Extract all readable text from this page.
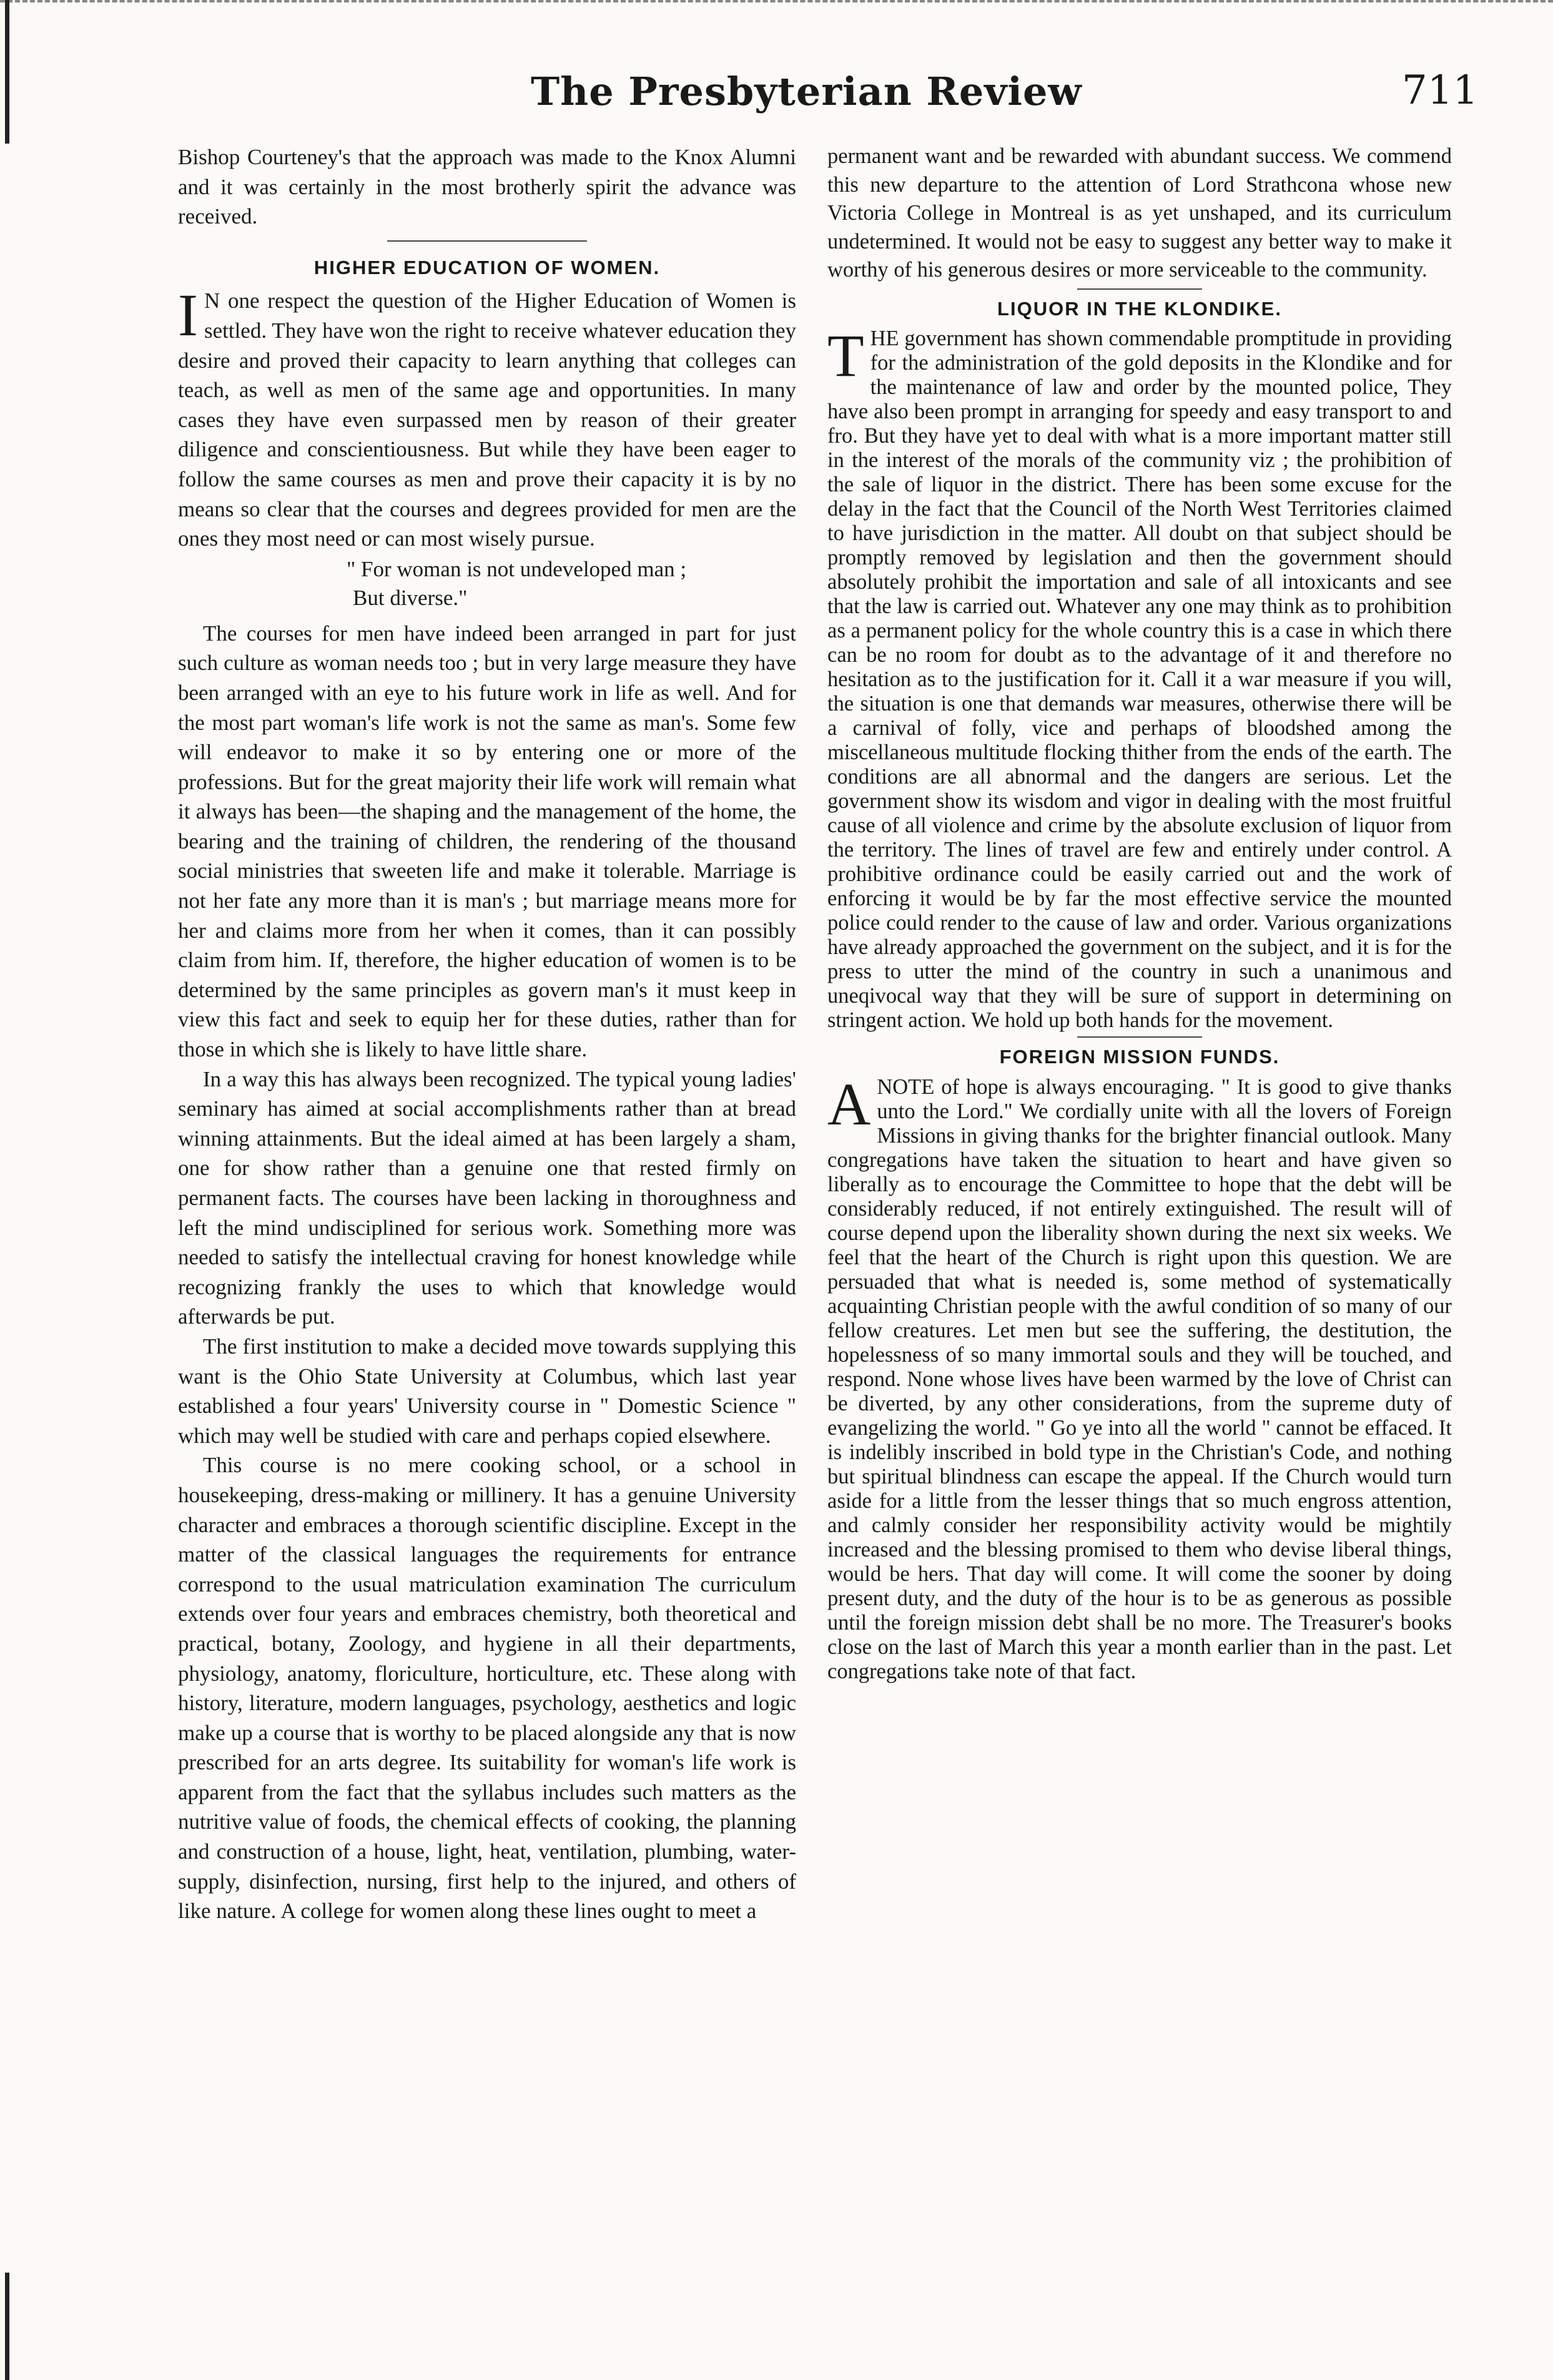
The Presbyterian Review	711

Bishop Courteney's that the approach was made to the Knox Alumni and it was certainly in the most brotherly spirit the advance was received.

HIGHER EDUCATION OF WOMEN.

I N one respect the question of the Higher Education of Women is settled. They have won the right to receive whatever education they desire and proved their capacity to learn anything that colleges can teach, as well as men of the same age and opportunities. In many cases they have even surpassed men by reason of their greater diligence and conscientiousness. But while they have been eager to follow the same courses as men and prove their capacity it is by no means so clear that the courses and degrees provided for men are the ones they most need or can most wisely pursue.

" For woman is not undeveloped man ;
But diverse."

The courses for men have indeed been arranged in part for just such culture as woman needs too ; but in very large measure they have been arranged with an eye to his future work in life as well. And for the most part woman's life work is not the same as man's. Some few will endeavor to make it so by entering one or more of the professions. But for the great majority their life work will remain what it always has been—the shaping and the management of the home, the bearing and the training of children, the rendering of the thousand social ministries that sweeten life and make it tolerable. Marriage is not her fate any more than it is man's ; but marriage means more for her and claims more from her when it comes, than it can possibly claim from him. If, therefore, the higher education of women is to be determined by the same principles as govern man's it must keep in view this fact and seek to equip her for these duties, rather than for those in which she is likely to have little share.

In a way this has always been recognized. The typical young ladies' seminary has aimed at social accomplishments rather than at bread winning attainments. But the ideal aimed at has been largely a sham, one for show rather than a genuine one that rested firmly on permanent facts. The courses have been lacking in thoroughness and left the mind undisciplined for serious work. Something more was needed to satisfy the intellectual craving for honest knowledge while recognizing frankly the uses to which that knowledge would afterwards be put.

The first institution to make a decided move towards supplying this want is the Ohio State University at Columbus, which last year established a four years' University course in " Domestic Science " which may well be studied with care and perhaps copied elsewhere.

This course is no mere cooking school, or a school in housekeeping, dress-making or millinery. It has a genuine University character and embraces a thorough scientific discipline. Except in the matter of the classical languages the requirements for entrance correspond to the usual matriculation examination The curriculum extends over four years and embraces chemistry, both theoretical and practical, botany, Zoology, and hygiene in all their departments, physiology, anatomy, floriculture, horticulture, etc. These along with history, literature, modern languages, psychology, aesthetics and logic make up a course that is worthy to be placed alongside any that is now prescribed for an arts degree. Its suitability for woman's life work is apparent from the fact that the syllabus includes such matters as the nutritive value of foods, the chemical effects of cooking, the planning and construction of a house, light, heat, ventilation, plumbing, water-supply, disinfection, nursing, first help to the injured, and others of like nature. A college for women along these lines ought to meet a

permanent want and be rewarded with abundant success. We commend this new departure to the attention of Lord Strathcona whose new Victoria College in Montreal is as yet unshaped, and its curriculum undetermined. It would not be easy to suggest any better way to make it worthy of his generous desires or more serviceable to the community.

LIQUOR IN THE KLONDIKE.

THE government has shown commendable promptitude in providing for the administration of the gold deposits in the Klondike and for the maintenance of law and order by the mounted police, They have also been prompt in arranging for speedy and easy transport to and fro. But they have yet to deal with what is a more important matter still in the interest of the morals of the community viz ; the prohibition of the sale of liquor in the district. There has been some excuse for the delay in the fact that the Council of the North West Territories claimed to have jurisdiction in the matter. All doubt on that subject should be promptly removed by legislation and then the government should absolutely prohibit the importation and sale of all intoxicants and see that the law is carried out. Whatever any one may think as to prohibition as a permanent policy for the whole country this is a case in which there can be no room for doubt as to the advantage of it and therefore no hesitation as to the justification for it. Call it a war measure if you will, the situation is one that demands war measures, otherwise there will be a carnival of folly, vice and perhaps of bloodshed among the miscellaneous multitude flocking thither from the ends of the earth. The conditions are all abnormal and the dangers are serious. Let the government show its wisdom and vigor in dealing with the most fruitful cause of all violence and crime by the absolute exclusion of liquor from the territory. The lines of travel are few and entirely under control. A prohibitive ordinance could be easily carried out and the work of enforcing it would be by far the most effective service the mounted police could render to the cause of law and order. Various organizations have already approached the government on the subject, and it is for the press to utter the mind of the country in such a unanimous and uneqivocal way that they will be sure of support in determining on stringent action. We hold up both hands for the movement.

FOREIGN MISSION FUNDS.

ANOTE of hope is always encouraging. " It is good to give thanks unto the Lord." We cordially unite with all the lovers of Foreign Missions in giving thanks for the brighter financial outlook. Many congregations have taken the situation to heart and have given so liberally as to encourage the Committee to hope that the debt will be considerably reduced, if not entirely extinguished. The result will of course depend upon the liberality shown during the next six weeks. We feel that the heart of the Church is right upon this question. We are persuaded that what is needed is, some method of systematically acquainting Christian people with the awful condition of so many of our fellow creatures. Let men but see the suffering, the destitution, the hopelessness of so many immortal souls and they will be touched, and respond. None whose lives have been warmed by the love of Christ can be diverted, by any other considerations, from the supreme duty of evangelizing the world. " Go ye into all the world " cannot be effaced. It is indelibly inscribed in bold type in the Christian's Code, and nothing but spiritual blindness can escape the appeal. If the Church would turn aside for a little from the lesser things that so much engross attention, and calmly consider her responsibility activity would be mightily increased and the blessing promised to them who devise liberal things, would be hers. That day will come. It will come the sooner by doing present duty, and the duty of the hour is to be as generous as possible until the foreign mission debt shall be no more. The Treasurer's books close on the last of March this year a month earlier than in the past. Let congregations take note of that fact.
